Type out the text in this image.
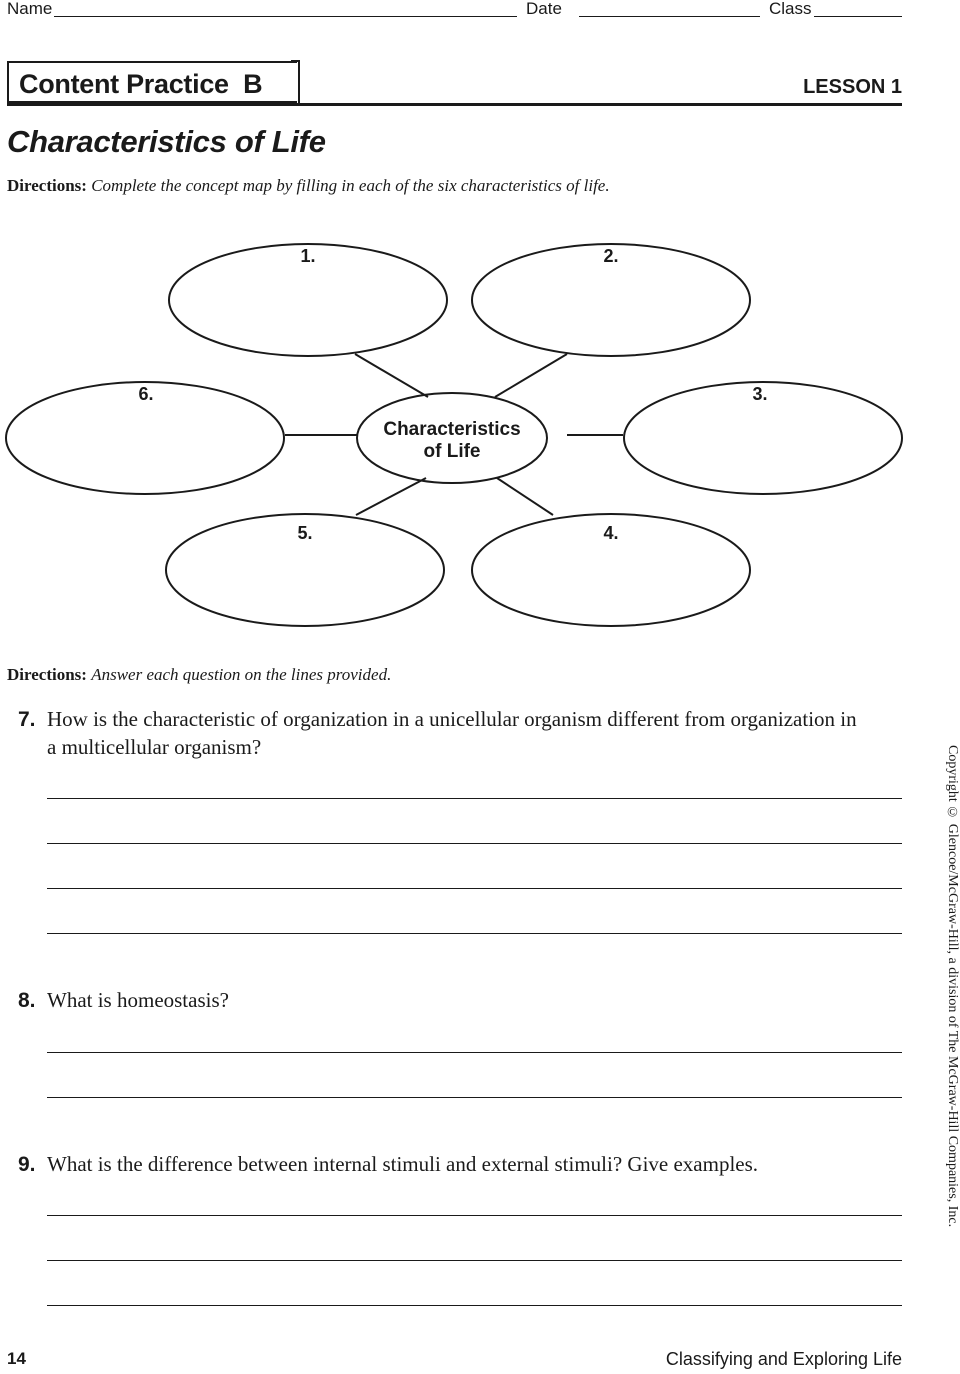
Name	Date	Class
Content Practice  B	LESSON 1
Characteristics of Life
Directions: Complete the concept map by filling in each of the six characteristics of life.
1.	2.
3.
4.
5.
6.
Characteristics
of Life
Directions: Answer each question on the lines provided.
7. How is the characteristic of organization in a unicellular organism different from organization in a multicellular organism?
8. What is homeostasis?
9. What is the difference between internal stimuli and external stimuli? Give examples.	Copyright © Glencoe/McGraw-Hill, a division of The McGraw-Hill Companies, Inc.
14	Classifying and Exploring Life
